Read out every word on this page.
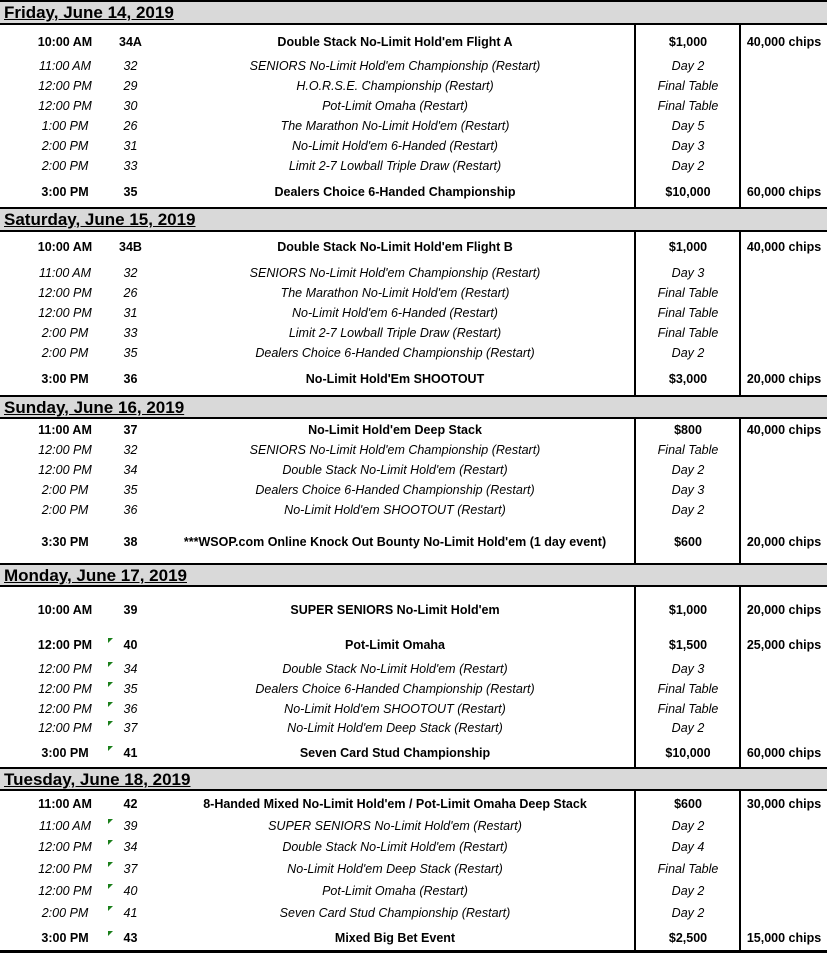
Friday, June 14, 2019
10:00 AM	34A	Double Stack No-Limit Hold'em Flight A	$1,000	40,000 chips
11:00 AM	32	SENIORS No-Limit Hold'em Championship (Restart)	Day 2
12:00 PM	29	H.O.R.S.E. Championship (Restart)	Final Table
12:00 PM	30	Pot-Limit Omaha (Restart)	Final Table
1:00 PM	26	The Marathon No-Limit Hold'em (Restart)	Day 5
2:00 PM	31	No-Limit Hold'em 6-Handed (Restart)	Day 3
2:00 PM	33	Limit 2-7 Lowball Triple Draw (Restart)	Day 2
3:00 PM	35	Dealers Choice 6-Handed Championship	$10,000	60,000 chips
Saturday, June 15, 2019
10:00 AM	34B	Double Stack No-Limit Hold'em Flight B	$1,000	40,000 chips
11:00 AM	32	SENIORS No-Limit Hold'em Championship (Restart)	Day 3
12:00 PM	26	The Marathon No-Limit Hold'em (Restart)	Final Table
12:00 PM	31	No-Limit Hold'em 6-Handed (Restart)	Final Table
2:00 PM	33	Limit 2-7 Lowball Triple Draw (Restart)	Final Table
2:00 PM	35	Dealers Choice 6-Handed Championship (Restart)	Day 2
3:00 PM	36	No-Limit Hold'Em SHOOTOUT	$3,000	20,000 chips
Sunday, June 16, 2019
11:00 AM	37	No-Limit Hold'em Deep Stack	$800	40,000 chips
12:00 PM	32	SENIORS No-Limit Hold'em Championship (Restart)	Final Table
12:00 PM	34	Double Stack No-Limit Hold'em (Restart)	Day 2
2:00 PM	35	Dealers Choice 6-Handed Championship (Restart)	Day 3
2:00 PM	36	No-Limit Hold'em SHOOTOUT (Restart)	Day 2
3:30 PM	38	***WSOP.com Online Knock Out Bounty No-Limit Hold'em (1 day event)	$600	20,000 chips
Monday, June 17, 2019
10:00 AM	39	SUPER SENIORS No-Limit Hold'em	$1,000	20,000 chips
12:00 PM	40	Pot-Limit Omaha	$1,500	25,000 chips
12:00 PM	34	Double Stack No-Limit Hold'em (Restart)	Day 3
12:00 PM	35	Dealers Choice 6-Handed Championship (Restart)	Final Table
12:00 PM	36	No-Limit Hold'em SHOOTOUT (Restart)	Final Table
12:00 PM	37	No-Limit Hold'em Deep Stack (Restart)	Day 2
3:00 PM	41	Seven Card Stud Championship	$10,000	60,000 chips
Tuesday, June 18, 2019
11:00 AM	42	8-Handed Mixed No-Limit Hold'em / Pot-Limit Omaha Deep Stack	$600	30,000 chips
11:00 AM	39	SUPER SENIORS No-Limit Hold'em (Restart)	Day 2
12:00 PM	34	Double Stack No-Limit Hold'em (Restart)	Day 4
12:00 PM	37	No-Limit Hold'em Deep Stack (Restart)	Final Table
12:00 PM	40	Pot-Limit Omaha (Restart)	Day 2
2:00 PM	41	Seven Card Stud Championship (Restart)	Day 2
3:00 PM	43	Mixed Big Bet Event	$2,500	15,000 chips
